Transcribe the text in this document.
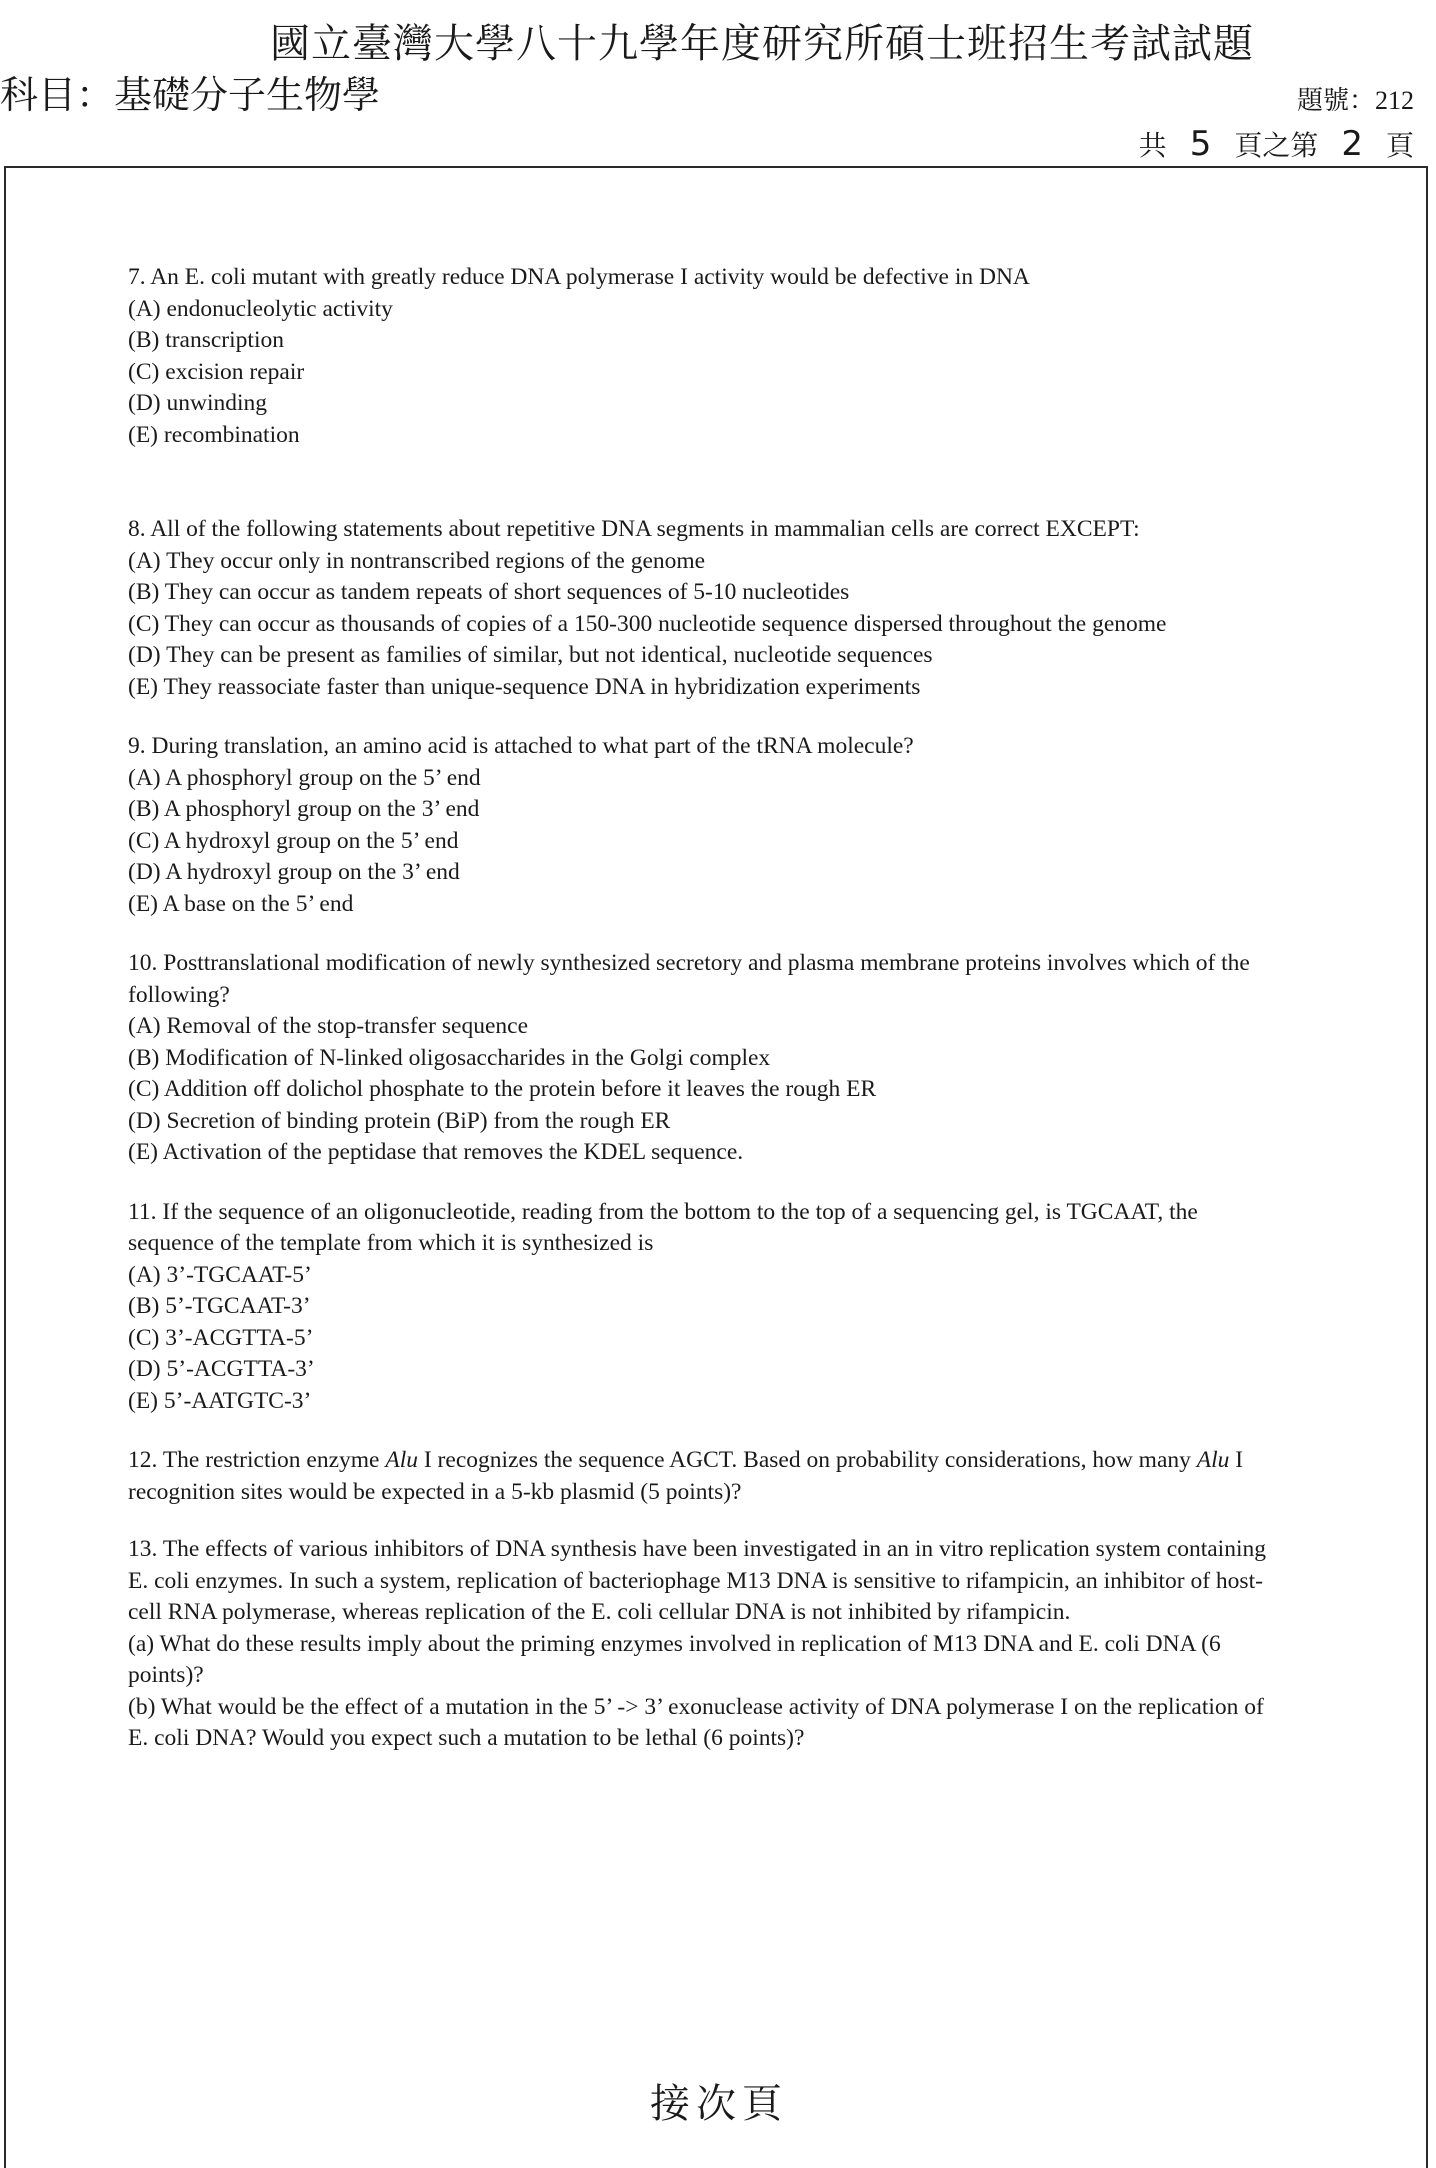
國立臺灣大學八十九學年度研究所碩士班招生考試試題
科目：基礎分子生物學	題號：212
共 5 頁之第 2 頁
7. An E. coli mutant with greatly reduce DNA polymerase I activity would be defective in DNA
(A) endonucleolytic activity
(B) transcription
(C) excision repair
(D) unwinding
(E) recombination
8. All of the following statements about repetitive DNA segments in mammalian cells are correct EXCEPT:
(A) They occur only in nontranscribed regions of the genome
(B) They can occur as tandem repeats of short sequences of 5-10 nucleotides
(C) They can occur as thousands of copies of a 150-300 nucleotide sequence dispersed throughout the genome
(D) They can be present as families of similar, but not identical, nucleotide sequences
(E) They reassociate faster than unique-sequence DNA in hybridization experiments
9. During translation, an amino acid is attached to what part of the tRNA molecule?
(A) A phosphoryl group on the 5’ end
(B) A phosphoryl group on the 3’ end
(C) A hydroxyl group on the 5’ end
(D) A hydroxyl group on the 3’ end
(E) A base on the 5’ end
10. Posttranslational modification of newly synthesized secretory and plasma membrane proteins involves which of the following?
(A) Removal of the stop-transfer sequence
(B) Modification of N-linked oligosaccharides in the Golgi complex
(C) Addition off dolichol phosphate to the protein before it leaves the rough ER
(D) Secretion of binding protein (BiP) from the rough ER
(E) Activation of the peptidase that removes the KDEL sequence.
11. If the sequence of an oligonucleotide, reading from the bottom to the top of a sequencing gel, is TGCAAT, the sequence of the template from which it is synthesized is
(A) 3’-TGCAAT-5’
(B) 5’-TGCAAT-3’
(C) 3’-ACGTTA-5’
(D) 5’-ACGTTA-3’
(E) 5’-AATGTC-3’
12. The restriction enzyme Alu I recognizes the sequence AGCT. Based on probability considerations, how many Alu I recognition sites would be expected in a 5-kb plasmid (5 points)?
13. The effects of various inhibitors of DNA synthesis have been investigated in an in vitro replication system containing E. coli enzymes. In such a system, replication of bacteriophage M13 DNA is sensitive to rifampicin, an inhibitor of host-cell RNA polymerase, whereas replication of the E. coli cellular DNA is not inhibited by rifampicin.
(a) What do these results imply about the priming enzymes involved in replication of M13 DNA and E. coli DNA (6 points)?
(b) What would be the effect of a mutation in the 5’ -> 3’ exonuclease activity of DNA polymerase I on the replication of E. coli DNA? Would you expect such a mutation to be lethal (6 points)?
接次頁
